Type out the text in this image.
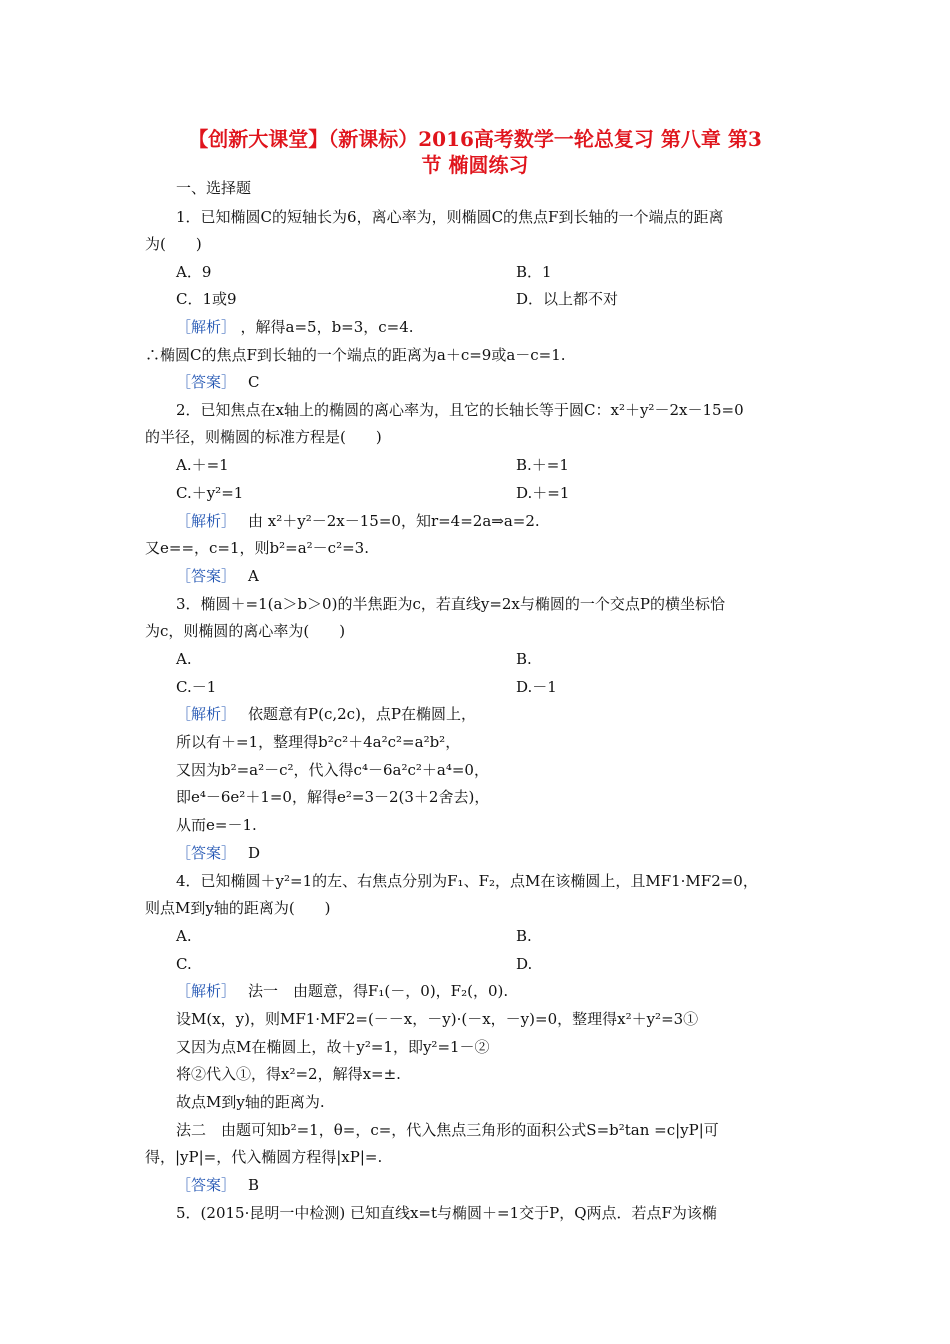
【创新大课堂】（新课标）2016高考数学一轮总复习 第八章 第3
节 椭圆练习
一、选择题
1．已知椭圆C的短轴长为6，离心率为，则椭圆C的焦点F到长轴的一个端点的距离
为(　　)
A．9	B．1
C．1或9	D．以上都不对
［解析］ ，解得a=5，b=3，c=4.
∴椭圆C的焦点F到长轴的一个端点的距离为a＋c=9或a－c=1.
［答案］ C
2．已知焦点在x轴上的椭圆的离心率为，且它的长轴长等于圆C：x²＋y²－2x－15=0
的半径，则椭圆的标准方程是(　　)
A.＋=1	B.＋=1
C.＋y²=1	D.＋=1
［解析］ 由 x²＋y²－2x－15=0，知r=4=2a⇒a=2.
又e==，c=1，则b²=a²－c²=3.
［答案］ A
3．椭圆＋=1(a＞b＞0)的半焦距为c，若直线y=2x与椭圆的一个交点P的横坐标恰
为c，则椭圆的离心率为(　　)
A.	B.
C.－1	D.－1
［解析］ 依题意有P(c,2c)，点P在椭圆上，
所以有＋=1，整理得b²c²＋4a²c²=a²b²，
又因为b²=a²－c²，代入得c⁴－6a²c²＋a⁴=0，
即e⁴－6e²＋1=0，解得e²=3－2(3＋2舍去)，
从而e=－1.
［答案］ D
4．已知椭圆＋y²=1的左、右焦点分别为F₁、F₂，点M在该椭圆上，且MF1·MF2=0，
则点M到y轴的距离为(　　)
A.	B.
C.	D.
［解析］ 法一　由题意，得F₁(－，0)，F₂(，0).
设M(x，y)，则MF1·MF2=(－－x，－y)·(－x，－y)=0，整理得x²＋y²=3①
又因为点M在椭圆上，故＋y²=1，即y²=1－②
将②代入①，得x²=2，解得x=±.
故点M到y轴的距离为.
法二　由题可知b²=1，θ=，c=，代入焦点三角形的面积公式S=b²tan =c|yP|可
得，|yP|=，代入椭圆方程得|xP|=.
［答案］ B
5．(2015·昆明一中检测) 已知直线x=t与椭圆＋=1交于P，Q两点．若点F为该椭
